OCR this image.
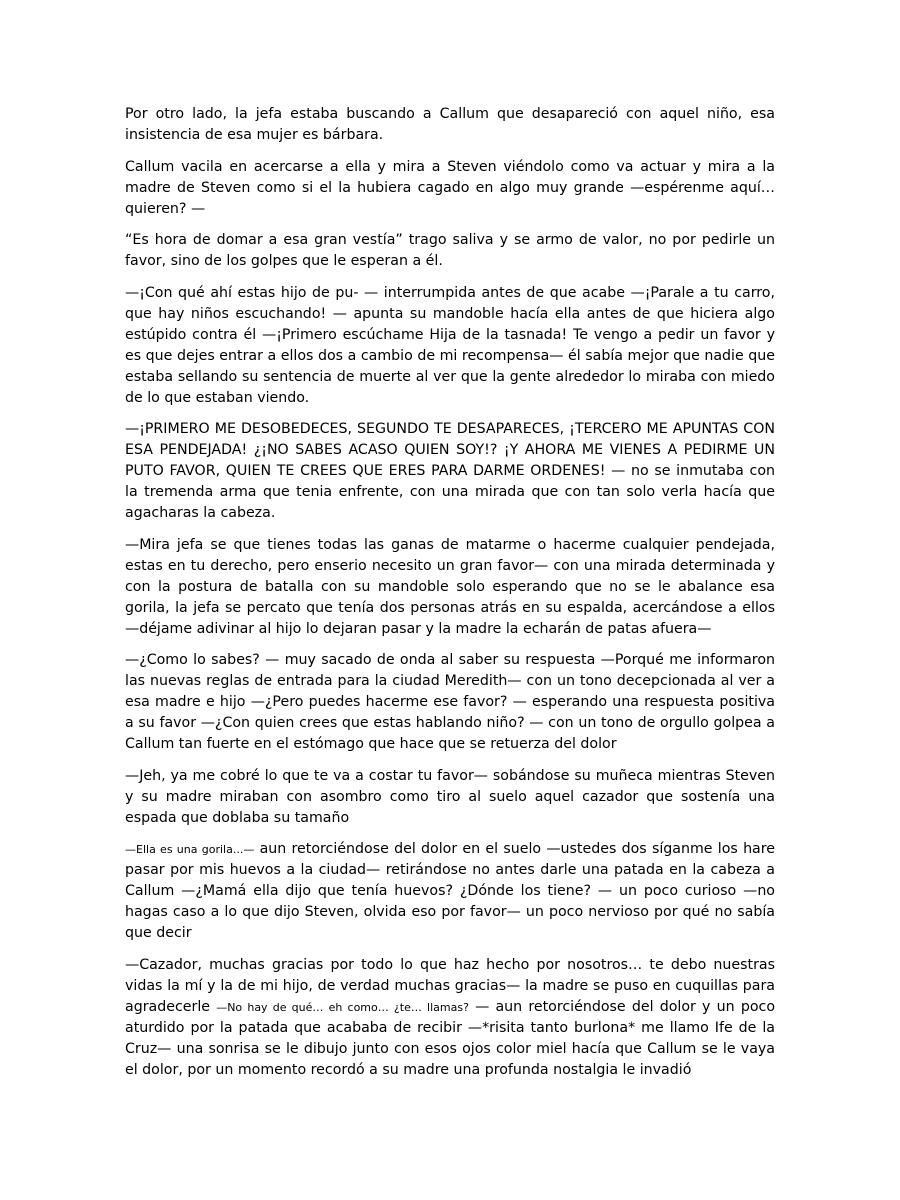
Por otro lado, la jefa estaba buscando a Callum que desapareció con aquel niño, esa insistencia de esa mujer es bárbara.

Callum vacila en acercarse a ella y mira a Steven viéndolo como va actuar y mira a la madre de Steven como si el la hubiera cagado en algo muy grande —espérenme aquí… quieren? —

“Es hora de domar a esa gran vestía” trago saliva y se armo de valor, no por pedirle un favor, sino de los golpes que le esperan a él.

—¡Con qué ahí estas hijo de pu- — interrumpida antes de que acabe —¡Parale a tu carro, que hay niños escuchando! — apunta su mandoble hacía ella antes de que hiciera algo estúpido contra él —¡Primero escúchame Hija de la tasnada! Te vengo a pedir un favor y es que dejes entrar a ellos dos a cambio de mi recompensa— él sabía mejor que nadie que estaba sellando su sentencia de muerte al ver que la gente alrededor lo miraba con miedo de lo que estaban viendo.

—¡PRIMERO ME DESOBEDECES, SEGUNDO TE DESAPARECES, ¡TERCERO ME APUNTAS CON ESA PENDEJADA! ¿¡NO SABES ACASO QUIEN SOY!? ¡Y AHORA ME VIENES A PEDIRME UN PUTO FAVOR, QUIEN TE CREES QUE ERES PARA DARME ORDENES! — no se inmutaba con la tremenda arma que tenia enfrente, con una mirada que con tan solo verla hacía que agacharas la cabeza.

—Mira jefa se que tienes todas las ganas de matarme o hacerme cualquier pendejada, estas en tu derecho, pero enserio necesito un gran favor— con una mirada determinada y con la postura de batalla con su mandoble solo esperando que no se le abalance esa gorila, la jefa se percato que tenía dos personas atrás en su espalda, acercándose a ellos —déjame adivinar al hijo lo dejaran pasar y la madre la echarán de patas afuera—

—¿Como lo sabes? — muy sacado de onda al saber su respuesta —Porqué me informaron las nuevas reglas de entrada para la ciudad Meredith— con un tono decepcionada al ver a esa madre e hijo —¿Pero puedes hacerme ese favor? — esperando una respuesta positiva a su favor —¿Con quien crees que estas hablando niño? — con un tono de orgullo golpea a Callum tan fuerte en el estómago que hace que se retuerza del dolor

—Jeh, ya me cobré lo que te va a costar tu favor— sobándose su muñeca mientras Steven y su madre miraban con asombro como tiro al suelo aquel cazador que sostenía una espada que doblaba su tamaño

—Ella es una gorila...— aun retorciéndose del dolor en el suelo —ustedes dos síganme los hare pasar por mis huevos a la ciudad— retirándose no antes darle una patada en la cabeza a Callum —¿Mamá ella dijo que tenía huevos? ¿Dónde los tiene? — un poco curioso —no hagas caso a lo que dijo Steven, olvida eso por favor— un poco nervioso por qué no sabía que decir

—Cazador, muchas gracias por todo lo que haz hecho por nosotros… te debo nuestras vidas la mí y la de mi hijo, de verdad muchas gracias— la madre se puso en cuquillas para agradecerle —No hay de qué… eh como… ¿te… llamas? — aun retorciéndose del dolor y un poco aturdido por la patada que acababa de recibir —*risita tanto burlona* me llamo Ife de la Cruz— una sonrisa se le dibujo junto con esos ojos color miel hacía que Callum se le vaya el dolor, por un momento recordó a su madre una profunda nostalgia le invadió
